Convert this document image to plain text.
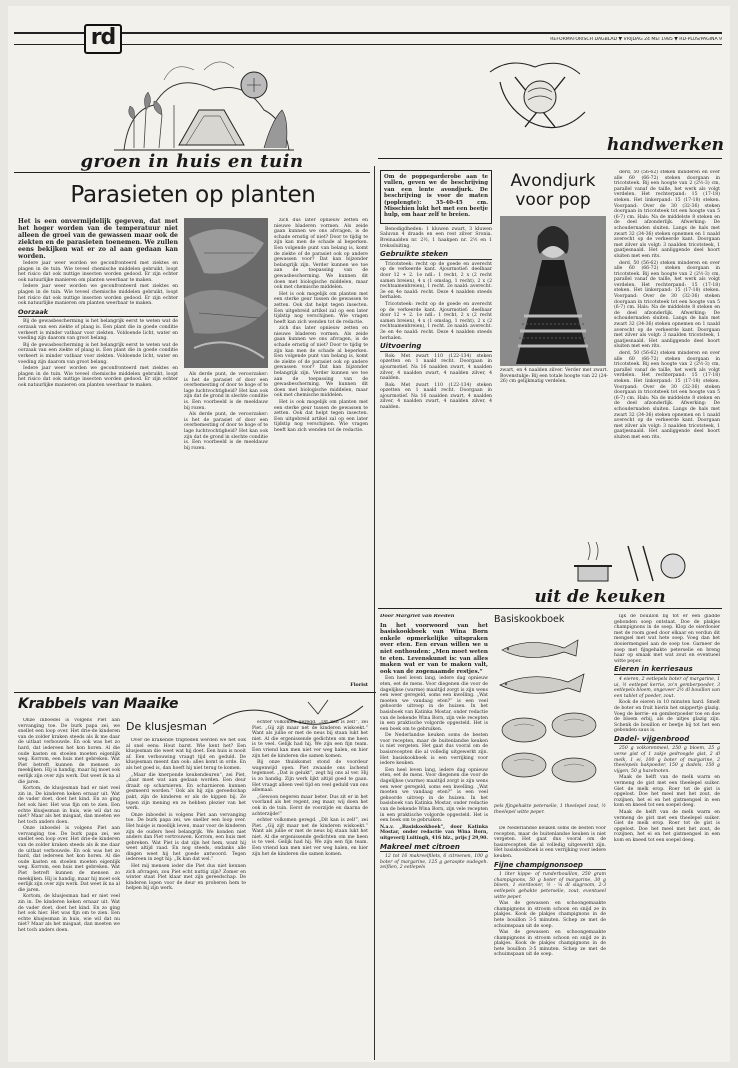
rd	REFORMATORISCH DAGBLAD ▼ VRIJDAG 24 MEI 1985 ▼ RD-PLUS/PAGINA 9
groen in huis en tuin
handwerken
Parasieten op planten

Het is een onvermijdelijk gegeven, dat met het hoger worden van de temperatuur niet alleen de groei van de gewassen maar ook de ziekten en de parasieten toenemen. We zullen eens bekijken wat er zo al aan gedaan kan worden.

Iedere jaar weer worden we geconfronteerd met ziektes en plagen in de tuin. Wie teveel chemische middelen gebruikt, loopt het risico dat ook nuttige insecten worden gedood. Er zijn echter ook natuurlijke manieren om planten weerbaar te maken.

Iedere jaar weer worden we geconfronteerd met ziektes en plagen in de tuin. Wie teveel chemische middelen gebruikt, loopt het risico dat ook nuttige insecten worden gedood. Er zijn echter ook natuurlijke manieren om planten weerbaar te maken.

Oorzaak

Bij de gewasbescherming is het belangrijk eerst te weten wat de oorzaak van een ziekte of plaag is. Een plant die in goede conditie verkeert is minder vatbaar voor ziekten. Voldoende licht, water en voeding zijn daarom van groot belang.

Bij de gewasbescherming is het belangrijk eerst te weten wat de oorzaak van een ziekte of plaag is. Een plant die in goede conditie verkeert is minder vatbaar voor ziekten. Voldoende licht, water en voeding zijn daarom van groot belang.

Iedere jaar weer worden we geconfronteerd met ziektes en plagen in de tuin. Wie teveel chemische middelen gebruikt, loopt het risico dat ook nuttige insecten worden gedood. Er zijn echter ook natuurlijke manieren om planten weerbaar te maken.

Als derde punt, de veroorzaker: is het de parasiet of door een overbemesting of door te hoge of te lage luchtvochtigheid? Het kan ook zijn dat de grond in slechte conditie is. Een voorbeeld is de meeldauw bij rozen.

Als derde punt, de veroorzaker: is het de parasiet of door een overbemesting of door te hoge of te lage luchtvochtigheid? Het kan ook zijn dat de grond in slechte conditie is. Een voorbeeld is de meeldauw bij rozen.

zich dus later opnieuw zetten en nieuwe bladeren vormen. Als zeide gaan kunnen we ons afvragen, is de schade ernstig of niet? Door te tijdig te zijn kan men de schade al beperken. Een volgende punt van belang is, komt de ziekte of de parasiet ook op andere gewassen voor? Dat kan bijzonder belangrijk zijn. Verder kunnen we toe aan de toepassing van de gewasbescherming. We kunnen dit doen met biologische middelen, maar ook met chemische middelen.

Het is ook mogelijk om planten met een sterke geur tussen de gewassen te zetten. Ook dat helpt tegen insecten. Een uitgebreid artikel zal op een later tijdstip nog verschijnen. Wie vragen heeft kan zich wenden tot de redactie.

zich dus later opnieuw zetten en nieuwe bladeren vormen. Als zeide gaan kunnen we ons afvragen, is de schade ernstig of niet? Door te tijdig te zijn kan men de schade al beperken. Een volgende punt van belang is, komt de ziekte of de parasiet ook op andere gewassen voor? Dat kan bijzonder belangrijk zijn. Verder kunnen we toe aan de toepassing van de gewasbescherming. We kunnen dit doen met biologische middelen, maar ook met chemische middelen.

Het is ook mogelijk om planten met een sterke geur tussen de gewassen te zetten. Ook dat helpt tegen insecten. Een uitgebreid artikel zal op een later tijdstip nog verschijnen. Wie vragen heeft kan zich wenden tot de redactie.

Florist

Om de poppegarderobe aan te vullen, geven we de beschrijving van een lente avondjurk. De beschrijving is voor de maten (poplengte): 35-40-45 cm. Misschien lukt het met een beetje hulp, om haar zelf te breien.

Benodigdheden: 1 kluwen zwart, 3 kluwen Saluvan 4 draads en een rest zilver Sronia. Breinaalden nr. 2½, 1 haakpen nr. 2½ en 1 trekssluiting.

Gebruikte steken

Tricotsteek: recht op de goede en averecht op de verkeerde kant. Ajourmotief: deelbaar door 12 + 2. 1e ndl.: 1 recht, 2 x (2 recht samen breien), 4 x (1 omslag, 1 recht), 2 x (2 rechtsamenbreien), 1 recht. 2e naald: averecht. 3e en 4e naald: recht. Deze 4 naalden steeds herhalen.

Tricotsteek: recht op de goede en averecht op de verkeerde kant. Ajourmotief: deelbaar door 12 + 2. 1e ndl.: 1 recht, 2 x (2 recht samen breien), 4 x (1 omslag, 1 recht), 2 x (2 rechtsamenbreien), 1 recht. 2e naald: averecht. 3e en 4e naald: recht. Deze 4 naalden steeds herhalen.

Uitvoering

Rok: Met zwart 110 (122-134) steken opzetten en 1 naald recht. Doorgaan in ajourmotief. Na 16 naalden zwart, 4 naalden zilver, 4 naalden zwart, 4 naalden zilver, 4 naalden.

Rok: Met zwart 110 (122-134) steken opzetten en 1 naald recht. Doorgaan in ajourmotief. Na 16 naalden zwart, 4 naalden zilver, 4 naalden zwart, 4 naalden zilver, 4 naalden.

Avondjurk voor pop
zwart, en 4 naalden zilver. Verder met zwart. Bovenstukje: Bij een totale hoogte van 22 (24-26) cm gelijkmatig verdelen.

derd, 50 (56-62) steken minderen en over alle 60 (66-72) steken doorgaan in tricotsteek. Bij een hoogte van 2 (2½-3) cm, parallel vanaf de taille, het werk als volgt verdelen. Het rechterpand: 15 (17-18) steken. Het linkerpand: 15 (17-18) steken. Voorpand: Over de 30 (32-36) steken doorgaan in tricotsteek tot een hoogte van 5 (6-7) cm. Hals: Na de middelste 8 steken en de deel afzonderlijk. Afwerking: De schoudernaden sluiten. Langs de hals met zwart 32 (34-36) steken opnemen en 1 naald averecht op de verkeerde kant. Doorgaan met zilver als volgt: 3 naalden tricotsteek, 1 gaatjesnaald. Het aanliggende deel hoort sluiten met een rits.

derd, 50 (56-62) steken minderen en over alle 60 (66-72) steken doorgaan in tricotsteek. Bij een hoogte van 2 (2½-3) cm, parallel vanaf de taille, het werk als volgt verdelen. Het rechterpand: 15 (17-18) steken. Het linkerpand: 15 (17-18) steken. Voorpand: Over de 30 (32-36) steken doorgaan in tricotsteek tot een hoogte van 5 (6-7) cm. Hals: Na de middelste 8 steken en de deel afzonderlijk. Afwerking: De schoudernaden sluiten. Langs de hals met zwart 32 (34-36) steken opnemen en 1 naald averecht op de verkeerde kant. Doorgaan met zilver als volgt: 3 naalden tricotsteek, 1 gaatjesnaald. Het aanliggende deel hoort sluiten met een rits.

derd, 50 (56-62) steken minderen en over alle 60 (66-72) steken doorgaan in tricotsteek. Bij een hoogte van 2 (2½-3) cm, parallel vanaf de taille, het werk als volgt verdelen. Het rechterpand: 15 (17-18) steken. Het linkerpand: 15 (17-18) steken. Voorpand: Over de 30 (32-36) steken doorgaan in tricotsteek tot een hoogte van 5 (6-7) cm. Hals: Na de middelste 8 steken en de deel afzonderlijk. Afwerking: De schoudernaden sluiten. Langs de hals met zwart 32 (34-36) steken opnemen en 1 naald averecht op de verkeerde kant. Doorgaan met zilver als volgt: 3 naalden tricotsteek, 1 gaatjesnaald. Het aanliggende deel hoort sluiten met een rits.

uit de keuken
Door Margriet van Reeden

In het voorwoord van het basiskookboek van Wina Born enkele opmerkelijke uitspraken over eten. Een ervan willen we u niet onthouden: „Men moet weten te eten. Levenskunst is: van alles maken wat er van te maken valt, ook van de zogenaamde restjes.”

Een heel leven lang, iedere dag opnieuw eten, eet de mens. Voor diegenen die voor de dagelijkse (warme) maaltijd zorgt is zijn wens een weer geregeld, soms een kwelling. „Wat moeten we vandaag eten?” is een veel gehoorde uitroep in de huizen. In het basisboek van Katinka Mostar, onder redactie van de bekende Wina Born, zijn vele recepten in een praktische volgorde opgesteld. Het is een boek om te gebruiken.

De Nederlandse keuken soms de besten voor recepten, maar de buitenlandse keuken is niet vergeten. Het gaat dus vooral om de basisrecepten die al volledig uitgewerkt zijn. Het basiskookboek is een verrijking voor iedere keuken.

Een heel leven lang, iedere dag opnieuw eten, eet de mens. Voor diegenen die voor de dagelijkse (warme) maaltijd zorgt is zijn wens een weer geregeld, soms een kwelling. „Wat moeten we vandaag eten?” is een veel gehoorde uitroep in de huizen. In het basisboek van Katinka Mostar, onder redactie van de bekende Wina Born, zijn vele recepten in een praktische volgorde opgesteld. Het is een boek om te gebruiken.

N.a.v. „Basiskookboek”, door Katinka Mostar, onder redactie van Wina Born, uitgeverij Luitingh, 416 blz., prijs ƒ 29,90.

Makreel met citroen

12 tot 16 makreelfilets, 6 citroenen, 100 g boter of margarine, 125 g geraspte oudegeh. zeiflien, 2 eetlepels

Basiskookboek
pels fijngehakte peterselie, 1 theelepel zout, ½ theelepel witte peper.

De Nederlandse keuken soms de besten voor recepten, maar de buitenlandse keuken is niet vergeten. Het gaat dus vooral om de basisrecepten die al volledig uitgewerkt zijn. Het basiskookboek is een verrijking voor iedere keuken.

Fijne champignonsoep

1 liter kippe- of runderbouillon, 250 gram champignons, 50 g boter of margarine, 30 g bloem, 1 eierdooier, ½ - ¼ dl slagroom, 2-3 eetlepels gehakte peterselie, zout, eventueel witte peper.

Was de gewassen en schoongemaakte champignons in stroom schoon en snijd ze in plakjes. Kook de plakjes champignons in de hete bouillon 3-5 minuten. Schep ze met de schuimspaan uit de soep.

Was de gewassen en schoongemaakte champignons in stroom schoon en snijd ze in plakjes. Kook de plakjes champignons in de hete bouillon 3-5 minuten. Schep ze met de schuimspaan uit de soep.

lijk de bouillon bij tot er een gladde gebonden soep ontstaat. Doe de plakjes champignons in de soep. Klop de eierdooier met de room goed door elkaar en verdun dit mengsel met wat hete soep. Voeg dan het dooiermengsel aan de soep toe. Garneer de soep met fijngehakte peterselie en breng haar op smaak met wat zout en eventueel witte peper.

Eieren in kerriesaus

4 eieren, 2 eetlepels boter of margarine, 1 ui, ½ eetlepel kerrie, zo'n gemberpoeder, 3 eetlepels bloem, ongeveer 2½ dl bouillon van een tablet of poeder, zout.

Kook de eieren in 10 minuten hard. Smelt de boter en fruit hierin het snippertje glazig. Voeg de kerrie- en gemberpoeder toe en doe de bloem erbij, als de uitjes glazig zijn. Schenk de bouillon er beetje bij tot het een gebonden saus is.

Dadel- vijgenbrood

250 g volkorenmeel, 250 g bloem, 25 g verse gist of 1 zakje gedroogde gist, 2 dl melk, 1 ei, 100 g boter of margarine, 2 theelepels bakpoeder, 150 g dadels, 150 g vijgen, 50 g hazelnoten.

Maak de helft van de melk warm en vermeng de gist met een theelepel suiker. Giet de melk erop. Roer tot de gist is opgelost. Doe het meel met het zout, de rozijnen, het ei en het gistmengsel in een kom en kneed tot een soepel deeg.

Maak de helft van de melk warm en vermeng de gist met een theelepel suiker. Giet de melk erop. Roer tot de gist is opgelost. Doe het meel met het zout, de rozijnen, het ei en het gistmengsel in een kom en kneed tot een soepel deeg.

Krabbels van Maaike

Onze inboedel is volgens Piet aan vervanging toe. De burk papa zei, we snellet een loop over. Het drie-de kinderen van de zolder kraken steeds als ik me daar de uitlaat verbouwde. En ook was het zo hard, dat iedereen het kon horen. Al die oude kasten en stoelen moeten eigenlijk weg. Korrom, een huis met gebreken. Wat Piet betreft kunnen de mensen zo meekijken. Hij is handig, maar hij moet ook eerlijk zijn over zijn werk. Dat weet ik na al die jaren.

Kortom, de klusjesman had er niet veel zin in. De kinderen keken ernaar uit. Wat de vader doet, doet het kind. En zo ging het ook hier. Het was fijn om te zien. Een echte klusjesman in huis, wie wil dat nu niet? Maar als het misgaat, dan moeten we het toch anders doen.

Onze inboedel is volgens Piet aan vervanging toe. De burk papa zei, we snellet een loop over. Het drie-de kinderen van de zolder kraken steeds als ik me daar de uitlaat verbouwde. En ook was het zo hard, dat iedereen het kon horen. Al die oude kasten en stoelen moeten eigenlijk weg. Korrom, een huis met gebreken. Wat Piet betreft kunnen de mensen zo meekijken. Hij is handig, maar hij moet ook eerlijk zijn over zijn werk. Dat weet ik na al die jaren.

Kortom, de klusjesman had er niet veel zin in. De kinderen keken ernaar uit. Wat de vader doet, doet het kind. En zo ging het ook hier. Het was fijn om te zien. Een echte klusjesman in huis, wie wil dat nu niet? Maar als het misgaat, dan moeten we het toch anders doen.

De klusjesman

Over de krakende trapteden werden we het ook al snel eens: Hout barst. Wie kent het? Een klusjesman die weet wat hij doet. Een huis is nooit af. Een verbouwing vraagt tijd en geduld. De klusjesman meent dan ook: alles komt in orde. En als het goed is, dan hoeft hij niet terug te komen.

„Maar die knerpende keukendeuren”, zei Piet, „daar moet wat aan gedaan worden. Een deur draait op scharnieren. En scharnieren kunnen gesmeerd worden.” Ook als hij zijn gereedschap pakt, zijn de kinderen er als de kippen bij. Ze lopen zijn mening en ze hebben plezier van het werk.

Onze inboedel is volgens Piet aan vervanging toe. De burk papa zei, we sneller een loop over. Het huisje is moeilijk leven, maar voor de kinderen zijn de ouders heel belangrijk. We konden niet anders dan Piet vertrouwen. Korrom, een huis met gebreken. Wat Piet is dat zijn het hem, want hij weet altijd raad. En nog steeds, ondanks alle dingen weet hij het goede antwoord. Tegen iedereen in zegt hij: „Ik kan dat wel.”

Het mij mensen ieder die Piet dus niet kennen zich afvragen, zou Piet echt nuttig zijn? Zomer en winter staat Piet klaar met zijn gereedschap. De kinderen lopen voor de deur en proberen hem te helpen bij zijn werk.

echter volkomen geregd. „Dit kan is zelf”, zei Piet. „Gij zijt maar net de kinderen wiskoekt.” Want als jullie er met de neus bij staan lukt het niet. Al die ergenissende gedichten om me heen is te veel. Gelijk had hij. We zijn een fijn team. Een vriend kan men niet ver weg halen, en hier zijn het de kinderen die samen komen.

Bij onze thuiskomst stond de voordeur wagenwijd open. Piet zwaaide ons lachend tegemoet. „Dat is gelukt”, zegt hij ons al ver. Hij is zo handig. Zijn werk lijkt altijd goed te gaan. Het vraagt alleen veel tijd en veel geduld van ons allemaal.

„Gewoon negeren maar beter. Dus zit er in het voorland als het regent, zeg maar, wij doen het ook in de tuin. Eerst de voorzijde en daarna de achterzijde!”

echter volkomen geregd. „Dit kan is zelf”, zei Piet. „Gij zijt maar net de kinderen wiskoekt.” Want als jullie er met de neus bij staan lukt het niet. Al die ergenissende gedichten om me heen is te veel. Gelijk had hij. We zijn een fijn team. Een vriend kan men niet ver weg halen, en hier zijn het de kinderen die samen komen.
